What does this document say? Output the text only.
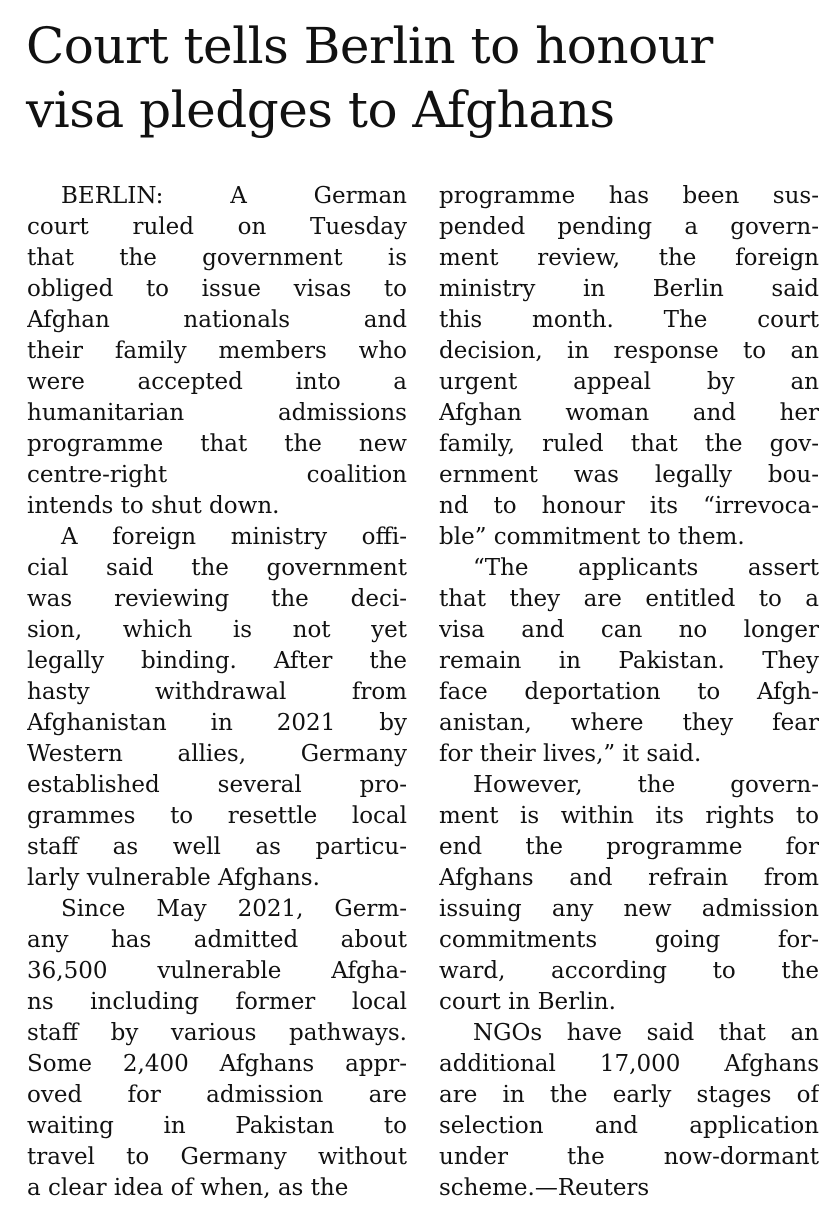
Court tells Berlin to honour
visa pledges to Afghans
BERLIN: A German
court ruled on Tuesday
that the government is
obliged to issue visas to
Afghan nationals and
their family members who
were accepted into a
humanitarian admissions
programme that the new
centre-right coalition
intends to shut down.
A foreign ministry offi-
cial said the government
was reviewing the deci-
sion, which is not yet
legally binding. After the
hasty withdrawal from
Afghanistan in 2021 by
Western allies, Germany
established several pro-
grammes to resettle local
staff as well as particu-
larly vulnerable Afghans.
Since May 2021, Germ-
any has admitted about
36,500 vulnerable Afgha-
ns including former local
staff by various pathways.
Some 2,400 Afghans appr-
oved for admission are
waiting in Pakistan to
travel to Germany without
a clear idea of when, as the
programme has been sus-
pended pending a govern-
ment review, the foreign
ministry in Berlin said
this month. The court
decision, in response to an
urgent appeal by an
Afghan woman and her
family, ruled that the gov-
ernment was legally bou-
nd to honour its “irrevoca-
ble” commitment to them.
“The applicants assert
that they are entitled to a
visa and can no longer
remain in Pakistan. They
face deportation to Afgh-
anistan, where they fear
for their lives,” it said.
However, the govern-
ment is within its rights to
end the programme for
Afghans and refrain from
issuing any new admission
commitments going for-
ward, according to the
court in Berlin.
NGOs have said that an
additional 17,000 Afghans
are in the early stages of
selection and application
under the now-dormant
scheme.—Reuters
